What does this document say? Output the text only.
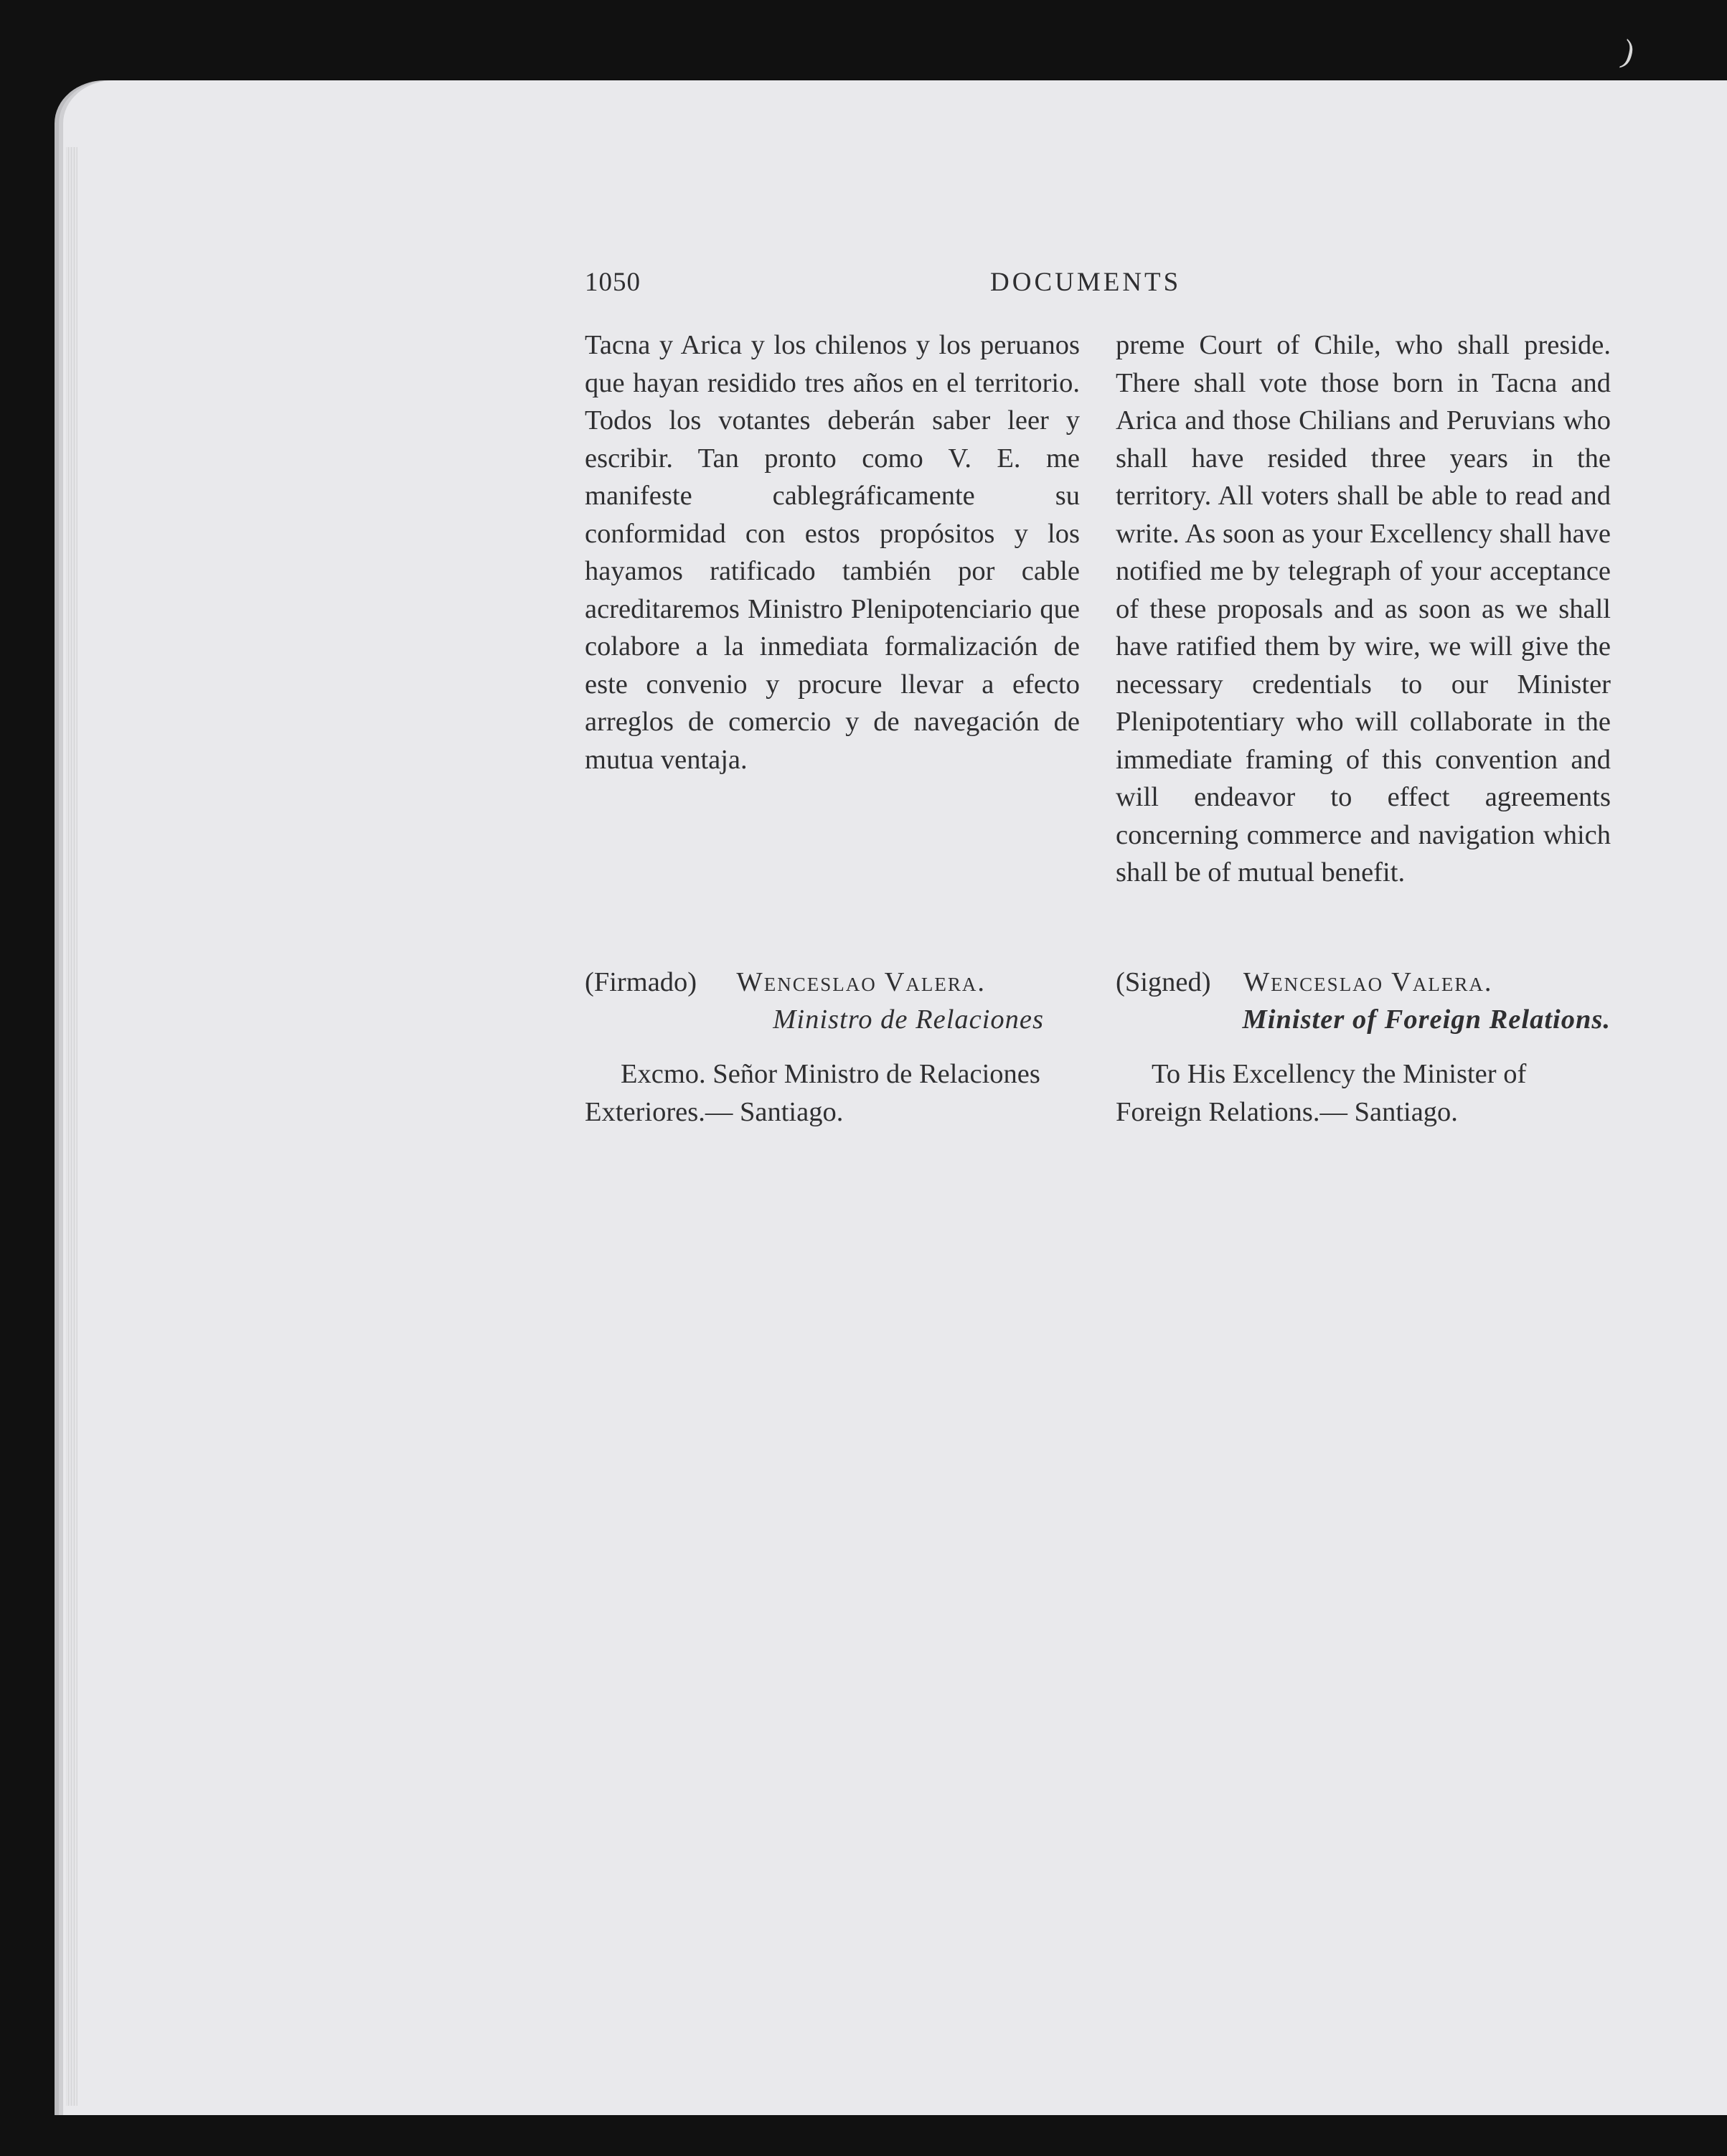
)
1050	DOCUMENTS

Tacna y Arica y los chilenos y los peruanos que hayan residido tres años en el territorio. Todos los votantes deberán saber leer y escribir. Tan pronto como V. E. me manifeste cablegráficamente su conformidad con estos propósitos y los hayamos ratificado también por cable acreditaremos Ministro Plenipotenciario que colabore a la inmediata formalización de este convenio y procure llevar a efecto arreglos de comercio y de navegación de mutua ventaja.

(Firmado) Wenceslao Valera.
Ministro de Relaciones

Excmo. Señor Ministro de Relaciones Exteriores.— Santiago.

preme Court of Chile, who shall preside. There shall vote those born in Tacna and Arica and those Chilians and Peruvians who shall have resided three years in the territory. All voters shall be able to read and write. As soon as your Excellency shall have notified me by telegraph of your acceptance of these proposals and as soon as we shall have ratified them by wire, we will give the necessary credentials to our Minister Plenipotentiary who will collaborate in the immediate framing of this convention and will endeavor to effect agreements concerning commerce and navigation which shall be of mutual benefit.

(Signed) Wenceslao Valera.
Minister of Foreign Relations.

To His Excellency the Minister of Foreign Relations.— Santiago.
